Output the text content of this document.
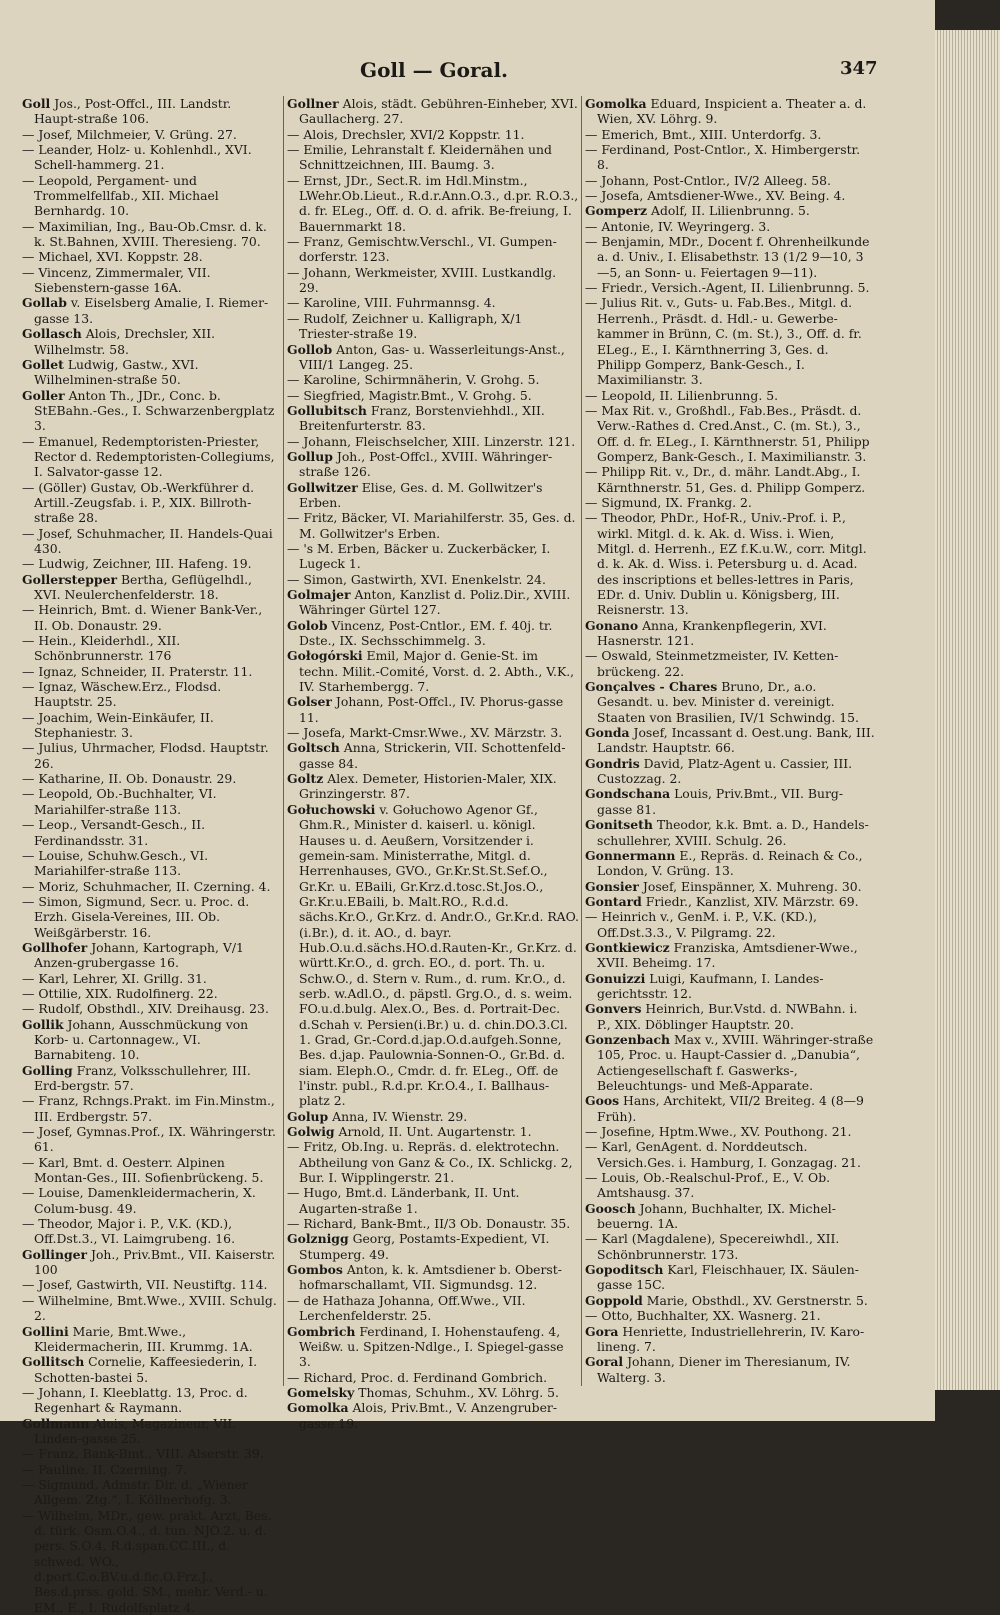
Goll — Goral.	347

Goll Jos., Post-Offcl., III. Landstr. Haupt-straße 106.

— Josef, Milchmeier, V. Grüng. 27.

— Leander, Holz- u. Kohlenhdl., XVI. Schell-hammerg. 21.

— Leopold, Pergament- und Trommelfellfab., XII. Michael Bernhardg. 10.

— Maximilian, Ing., Bau-Ob.Cmsr. d. k. k. St.Bahnen, XVIII. Theresieng. 70.

— Michael, XVI. Koppstr. 28.

— Vincenz, Zimmermaler, VII. Siebenstern-gasse 16A.

Gollab v. Eiselsberg Amalie, I. Riemer-gasse 13.

Gollasch Alois, Drechsler, XII. Wilhelmstr. 58.

Gollet Ludwig, Gastw., XVI. Wilhelminen-straße 50.

Goller Anton Th., JDr., Conc. b. StEBahn.-Ges., I. Schwarzenbergplatz 3.

— Emanuel, Redemptoristen-Priester, Rector d. Redemptoristen-Collegiums, I. Salvator-gasse 12.

— (Göller) Gustav, Ob.-Werkführer d. Artill.-Zeugsfab. i. P., XIX. Billroth-straße 28.

— Josef, Schuhmacher, II. Handels-Quai 430.

— Ludwig, Zeichner, III. Hafeng. 19.

Gollerstepper Bertha, Geflügelhdl., XVI. Neulerchenfelderstr. 18.

— Heinrich, Bmt. d. Wiener Bank-Ver., II. Ob. Donaustr. 29.

— Hein., Kleiderhdl., XII. Schönbrunnerstr. 176

— Ignaz, Schneider, II. Praterstr. 11.

— Ignaz, Wäschew.Erz., Flodsd. Hauptstr. 25.

— Joachim, Wein-Einkäufer, II. Stephaniestr. 3.

— Julius, Uhrmacher, Flodsd. Hauptstr. 26.

— Katharine, II. Ob. Donaustr. 29.

— Leopold, Ob.-Buchhalter, VI. Mariahilfer-straße 113.

— Leop., Versandt-Gesch., II. Ferdinandsstr. 31.

— Louise, Schuhw.Gesch., VI. Mariahilfer-straße 113.

— Moriz, Schuhmacher, II. Czerning. 4.

— Simon, Sigmund, Secr. u. Proc. d. Erzh. Gisela-Vereines, III. Ob. Weißgärberstr. 16.

Gollhofer Johann, Kartograph, V/1 Anzen-grubergasse 16.

— Karl, Lehrer, XI. Grillg. 31.

— Ottilie, XIX. Rudolfinerg. 22.

— Rudolf, Obsthdl., XIV. Dreihausg. 23.

Gollik Johann, Ausschmückung von Korb- u. Cartonnagew., VI. Barnabiteng. 10.

Golling Franz, Volksschullehrer, III. Erd-bergstr. 57.

— Franz, Rchngs.Prakt. im Fin.Minstm., III. Erdbergstr. 57.

— Josef, Gymnas.Prof., IX. Währingerstr. 61.

— Karl, Bmt. d. Oesterr. Alpinen Montan-Ges., III. Sofienbrückeng. 5.

— Louise, Damenkleidermacherin, X. Colum-busg. 49.

— Theodor, Major i. P., V.K. (KD.), Off.Dst.3., VI. Laimgrubeng. 16.

Gollinger Joh., Priv.Bmt., VII. Kaiserstr. 100

— Josef, Gastwirth, VII. Neustiftg. 114.

— Wilhelmine, Bmt.Wwe., XVIII. Schulg. 2.

Gollini Marie, Bmt.Wwe., Kleidermacherin, III. Krummg. 1A.

Gollitsch Cornelie, Kaffeesiederin, I. Schotten-bastei 5.

— Johann, I. Kleeblattg. 13, Proc. d. Regenhart & Raymann.

Gollmann Alois, Magazineur, VII. Linden-gasse 25.

— Franz, Bank-Bmt., VIII. Alserstr. 39.

— Pauline, II. Czerning. 7.

— Sigmund, Admstr. Dir. d. „Wiener Allgem. Ztg.“, I. Köllnerhofg. 3.

— Wilhelm, MDr., gew. prakt. Arzt, Bes. d. türk. Osm.O.4., d. tun. NJO.2. u. d. pers. S.O.4, R.d.span.CC.III., d. schwed. WO., d.port.C.o.BV.u.d.fic.O.Frz.J., Bes.d.prss. gold. SM., mehr. Verd.- u. EM., E., I. Rudolfsplatz 4.

Gollner Alois, städt. Gebühren-Einheber, XVI. Gaullacherg. 27.

— Alois, Drechsler, XVI/2 Koppstr. 11.

— Emilie, Lehranstalt f. Kleidernähen und Schnittzeichnen, III. Baumg. 3.

— Ernst, JDr., Sect.R. im Hdl.Minstm., LWehr.Ob.Lieut., R.d.r.Ann.O.3., d.pr. R.O.3., d. fr. ELeg., Off. d. O. d. afrik. Be-freiung, I. Bauernmarkt 18.

— Franz, Gemischtw.Verschl., VI. Gumpen-dorferstr. 123.

— Johann, Werkmeister, XVIII. Lustkandlg. 29.

— Karoline, VIII. Fuhrmannsg. 4.

— Rudolf, Zeichner u. Kalligraph, X/1 Triester-straße 19.

Gollob Anton, Gas- u. Wasserleitungs-Anst., VIII/1 Langeg. 25.

— Karoline, Schirmnäherin, V. Grohg. 5.

— Siegfried, Magistr.Bmt., V. Grohg. 5.

Gollubitsch Franz, Borstenviehhdl., XII. Breitenfurterstr. 83.

— Johann, Fleischselcher, XIII. Linzerstr. 121.

Gollup Joh., Post-Offcl., XVIII. Währinger-straße 126.

Gollwitzer Elise, Ges. d. M. Gollwitzer's Erben.

— Fritz, Bäcker, VI. Mariahilferstr. 35, Ges. d. M. Gollwitzer's Erben.

— 's M. Erben, Bäcker u. Zuckerbäcker, I. Lugeck 1.

— Simon, Gastwirth, XVI. Enenkelstr. 24.

Golmajer Anton, Kanzlist d. Poliz.Dir., XVIII. Währinger Gürtel 127.

Golob Vincenz, Post-Cntlor., EM. f. 40j. tr. Dste., IX. Sechsschimmelg. 3.

Gołogórski Emil, Major d. Genie-St. im techn. Milit.-Comité, Vorst. d. 2. Abth., V.K., IV. Starhembergg. 7.

Golser Johann, Post-Offcl., IV. Phorus-gasse 11.

— Josefa, Markt-Cmsr.Wwe., XV. Märzstr. 3.

Goltsch Anna, Strickerin, VII. Schottenfeld-gasse 84.

Goltz Alex. Demeter, Historien-Maler, XIX. Grinzingerstr. 87.

Gołuchowski v. Gołuchowo Agenor Gf., Ghm.R., Minister d. kaiserl. u. königl. Hauses u. d. Aeußern, Vorsitzender i. gemein-sam. Ministerrathe, Mitgl. d. Herrenhauses, GVO., Gr.Kr.St.St.Sef.O., Gr.Kr. u. EBaili, Gr.Krz.d.tosc.St.Jos.O., Gr.Kr.u.EBaili, b. Malt.RO., R.d.d. sächs.Kr.O., Gr.Krz. d. Andr.O., Gr.Kr.d. RAO.(i.Br.), d. it. AO., d. bayr. Hub.O.u.d.sächs.HO.d.Rauten-Kr., Gr.Krz. d. württ.Kr.O., d. grch. EO., d. port. Th. u. Schw.O., d. Stern v. Rum., d. rum. Kr.O., d. serb. w.Adl.O., d. päpstl. Grg.O., d. s. weim. FO.u.d.bulg. Alex.O., Bes. d. Portrait-Dec. d.Schah v. Persien(i.Br.) u. d. chin.DO.3.Cl. 1. Grad, Gr.-Cord.d.jap.O.d.aufgeh.Sonne, Bes. d.jap. Paulownia-Sonnen-O., Gr.Bd. d. siam. Eleph.O., Cmdr. d. fr. ELeg., Off. de l'instr. publ., R.d.pr. Kr.O.4., I. Ballhaus-platz 2.

Golup Anna, IV. Wienstr. 29.

Golwig Arnold, II. Unt. Augartenstr. 1.

— Fritz, Ob.Ing. u. Repräs. d. elektrotechn. Abtheilung von Ganz & Co., IX. Schlickg. 2, Bur. I. Wipplingerstr. 21.

— Hugo, Bmt.d. Länderbank, II. Unt. Augarten-straße 1.

— Richard, Bank-Bmt., II/3 Ob. Donaustr. 35.

Golznigg Georg, Postamts-Expedient, VI. Stumperg. 49.

Gombos Anton, k. k. Amtsdiener b. Oberst-hofmarschallamt, VII. Sigmundsg. 12.

— de Hathaza Johanna, Off.Wwe., VII. Lerchenfelderstr. 25.

Gombrich Ferdinand, I. Hohenstaufeng. 4, Weißw. u. Spitzen-Ndlge., I. Spiegel-gasse 3.

— Richard, Proc. d. Ferdinand Gombrich.

Gomelsky Thomas, Schuhm., XV. Löhrg. 5.

Gomolka Alois, Priv.Bmt., V. Anzengruber-gasse 19.

Gomolka Eduard, Inspicient a. Theater a. d. Wien, XV. Löhrg. 9.

— Emerich, Bmt., XIII. Unterdorfg. 3.

— Ferdinand, Post-Cntlor., X. Himbergerstr. 8.

— Johann, Post-Cntlor., IV/2 Alleeg. 58.

— Josefa, Amtsdiener-Wwe., XV. Being. 4.

Gomperz Adolf, II. Lilienbrunng. 5.

— Antonie, IV. Weyringerg. 3.

— Benjamin, MDr., Docent f. Ohrenheilkunde a. d. Univ., I. Elisabethstr. 13 (1/2 9—10, 3—5, an Sonn- u. Feiertagen 9—11).

— Friedr., Versich.-Agent, II. Lilienbrunng. 5.

— Julius Rit. v., Guts- u. Fab.Bes., Mitgl. d. Herrenh., Präsdt. d. Hdl.- u. Gewerbe-kammer in Brünn, C. (m. St.), 3., Off. d. fr. ELeg., E., I. Kärnthnerring 3, Ges. d. Philipp Gomperz, Bank-Gesch., I. Maximilianstr. 3.

— Leopold, II. Lilienbrunng. 5.

— Max Rit. v., Großhdl., Fab.Bes., Präsdt. d. Verw.-Rathes d. Cred.Anst., C. (m. St.), 3., Off. d. fr. ELeg., I. Kärnthnerstr. 51, Philipp Gomperz, Bank-Gesch., I. Maximilianstr. 3.

— Philipp Rit. v., Dr., d. mähr. Landt.Abg., I. Kärnthnerstr. 51, Ges. d. Philipp Gomperz.

— Sigmund, IX. Frankg. 2.

— Theodor, PhDr., Hof-R., Univ.-Prof. i. P., wirkl. Mitgl. d. k. Ak. d. Wiss. i. Wien, Mitgl. d. Herrenh., EZ f.K.u.W., corr. Mitgl. d. k. Ak. d. Wiss. i. Petersburg u. d. Acad. des inscriptions et belles-lettres in Paris, EDr. d. Univ. Dublin u. Königsberg, III. Reisnerstr. 13.

Gonano Anna, Krankenpflegerin, XVI. Hasnerstr. 121.

— Oswald, Steinmetzmeister, IV. Ketten-brückeng. 22.

Gonçalves - Chares Bruno, Dr., a.o. Gesandt. u. bev. Minister d. vereinigt. Staaten von Brasilien, IV/1 Schwindg. 15.

Gonda Josef, Incassant d. Oest.ung. Bank, III. Landstr. Hauptstr. 66.

Gondris David, Platz-Agent u. Cassier, III. Custozzag. 2.

Gondschana Louis, Priv.Bmt., VII. Burg-gasse 81.

Gonitseth Theodor, k.k. Bmt. a. D., Handels-schullehrer, XVIII. Schulg. 26.

Gonnermann E., Repräs. d. Reinach & Co., London, V. Grüng. 13.

Gonsier Josef, Einspänner, X. Muhreng. 30.

Gontard Friedr., Kanzlist, XIV. Märzstr. 69.

— Heinrich v., GenM. i. P., V.K. (KD.), Off.Dst.3.3., V. Pilgramg. 22.

Gontkiewicz Franziska, Amtsdiener-Wwe., XVII. Beheimg. 17.

Gonuizzi Luigi, Kaufmann, I. Landes-gerichtsstr. 12.

Gonvers Heinrich, Bur.Vstd. d. NWBahn. i. P., XIX. Döblinger Hauptstr. 20.

Gonzenbach Max v., XVIII. Währinger-straße 105, Proc. u. Haupt-Cassier d. „Danubia“, Actiengesellschaft f. Gaswerks-, Beleuchtungs- und Meß-Apparate.

Goos Hans, Architekt, VII/2 Breiteg. 4 (8—9 Früh).

— Josefine, Hptm.Wwe., XV. Pouthong. 21.

— Karl, GenAgent. d. Norddeutsch. Versich.Ges. i. Hamburg, I. Gonzagag. 21.

— Louis, Ob.-Realschul-Prof., E., V. Ob. Amtshausg. 37.

Goosch Johann, Buchhalter, IX. Michel-beuerng. 1A.

— Karl (Magdalene), Specereiwhdl., XII. Schönbrunnerstr. 173.

Gopoditsch Karl, Fleischhauer, IX. Säulen-gasse 15C.

Goppold Marie, Obsthdl., XV. Gerstnerstr. 5.

— Otto, Buchhalter, XX. Wasnerg. 21.

Gora Henriette, Industriellehrerin, IV. Karo-lineng. 7.

Goral Johann, Diener im Theresianum, IV. Walterg. 3.
